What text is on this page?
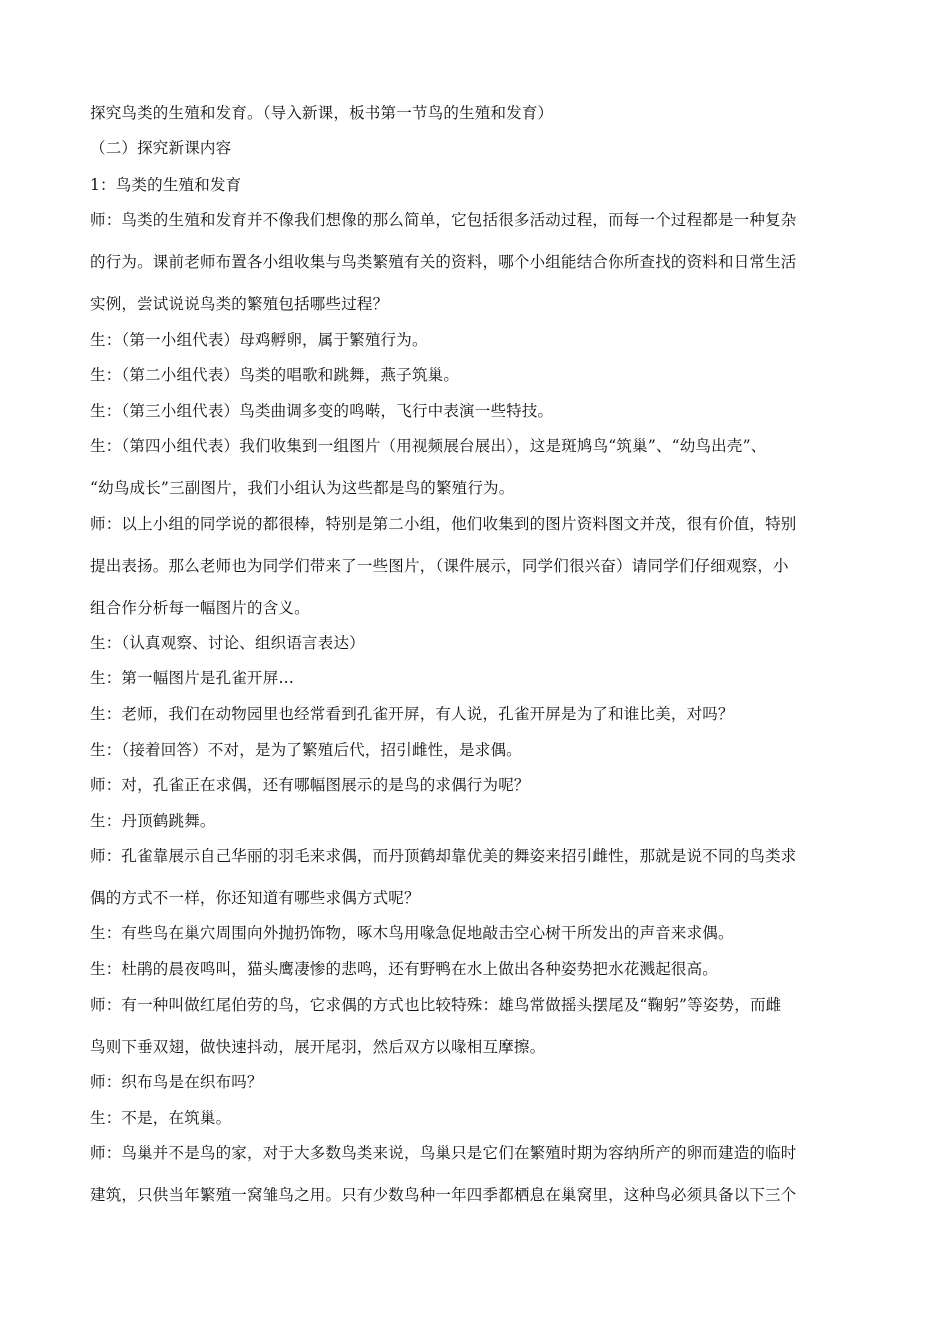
探究鸟类的生殖和发育。（导入新课，板书第一节鸟的生殖和发育）
（二）探究新课内容
1：鸟类的生殖和发育
师：鸟类的生殖和发育并不像我们想像的那么简单，它包括很多活动过程，而每一个过程都是一种复杂
的行为。课前老师布置各小组收集与鸟类繁殖有关的资料，哪个小组能结合你所查找的资料和日常生活
实例，尝试说说鸟类的繁殖包括哪些过程？
生：（第一小组代表）母鸡孵卵，属于繁殖行为。
生：（第二小组代表）鸟类的唱歌和跳舞，燕子筑巢。
生：（第三小组代表）鸟类曲调多变的鸣啭，飞行中表演一些特技。
生：（第四小组代表）我们收集到一组图片（用视频展台展出），这是斑鸠鸟“筑巢”、“幼鸟出壳”、
“幼鸟成长”三副图片，我们小组认为这些都是鸟的繁殖行为。
师：以上小组的同学说的都很棒，特别是第二小组，他们收集到的图片资料图文并茂，很有价值，特别
提出表扬。那么老师也为同学们带来了一些图片，（课件展示，同学们很兴奋）请同学们仔细观察，小
组合作分析每一幅图片的含义。
生：（认真观察、讨论、组织语言表达）
生：第一幅图片是孔雀开屏…
生：老师，我们在动物园里也经常看到孔雀开屏，有人说，孔雀开屏是为了和谁比美，对吗？
生：（接着回答）不对，是为了繁殖后代，招引雌性，是求偶。
师：对，孔雀正在求偶，还有哪幅图展示的是鸟的求偶行为呢？
生：丹顶鹤跳舞。
师：孔雀靠展示自己华丽的羽毛来求偶，而丹顶鹤却靠优美的舞姿来招引雌性，那就是说不同的鸟类求
偶的方式不一样，你还知道有哪些求偶方式呢？
生：有些鸟在巢穴周围向外抛扔饰物，啄木鸟用喙急促地敲击空心树干所发出的声音来求偶。
生：杜鹃的晨夜鸣叫，猫头鹰凄惨的悲鸣，还有野鸭在水上做出各种姿势把水花溅起很高。
师：有一种叫做红尾伯劳的鸟，它求偶的方式也比较特殊：雄鸟常做摇头摆尾及“鞠躬”等姿势，而雌
鸟则下垂双翅，做快速抖动，展开尾羽，然后双方以喙相互摩擦。
师：织布鸟是在织布吗？
生：不是，在筑巢。
师：鸟巢并不是鸟的家，对于大多数鸟类来说，鸟巢只是它们在繁殖时期为容纳所产的卵而建造的临时
建筑，只供当年繁殖一窝雏鸟之用。只有少数鸟种一年四季都栖息在巢窝里，这种鸟必须具备以下三个
